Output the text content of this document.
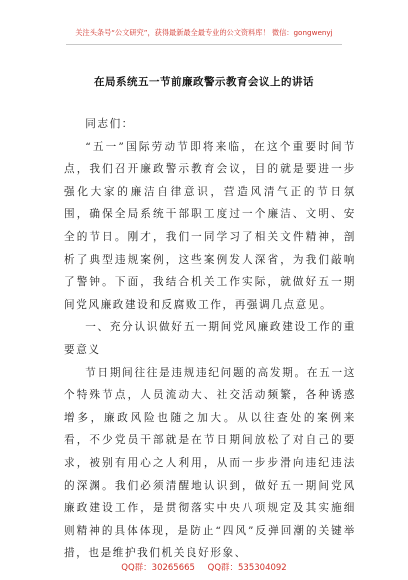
关注头条号“公文研究”，获得最新最全最专业的公文资料库！ 微信：gongwenyj
在局系统五一节前廉政警示教育会议上的讲话

同志们：

“五一”国际劳动节即将来临，在这个重要时间节点，我们召开廉政警示教育会议，目的就是要进一步强化大家的廉洁自律意识，营造风清气正的节日氛围，确保全局系统干部职工度过一个廉洁、文明、安全的节日。刚才，我们一同学习了相关文件精神，剖析了典型违规案例，这些案例发人深省，为我们敲响了警钟。下面，我结合机关工作实际，就做好五一期间党风廉政建设和反腐败工作，再强调几点意见。

一、充分认识做好五一期间党风廉政建设工作的重要意义

节日期间往往是违规违纪问题的高发期。在五一这个特殊节点，人员流动大、社交活动频繁，各种诱惑增多，廉政风险也随之加大。从以往查处的案例来看，不少党员干部就是在节日期间放松了对自己的要求，被别有用心之人利用，从而一步步滑向违纪违法的深渊。我们必须清醒地认识到，做好五一期间党风廉政建设工作，是贯彻落实中央八项规定及其实施细则精神的具体体现，是防止“四风”反弹回潮的关键举措，也是维护我们机关良好形象、

QQ群：30265665 QQ群：535304092
